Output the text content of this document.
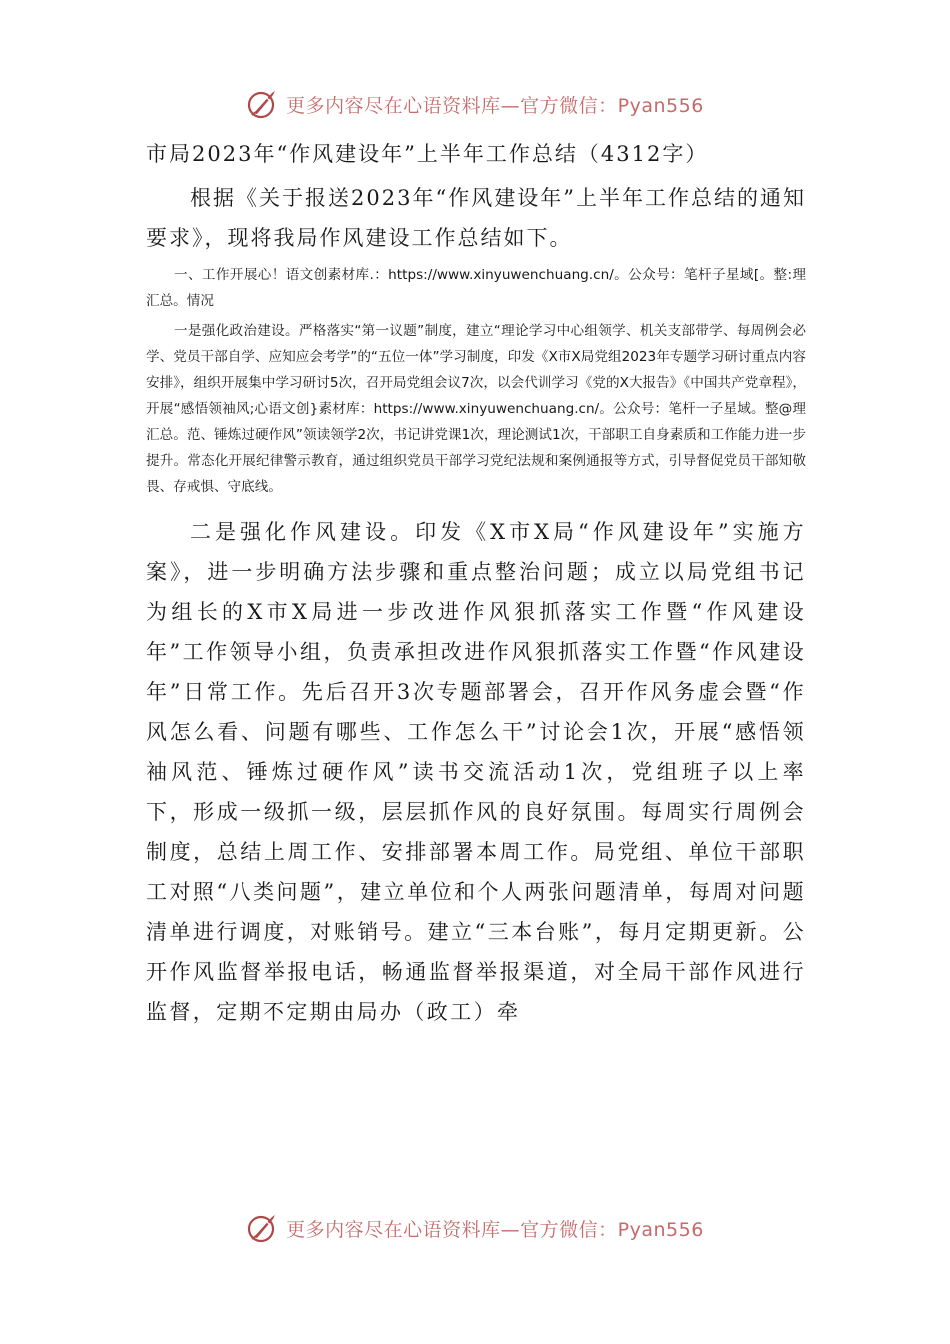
更多内容尽在心语资料库—官方微信：Pyan556
市局2023年“作风建设年”上半年工作总结（4312字）

根据《关于报送2023年“作风建设年”上半年工作总结的通知要求》，现将我局作风建设工作总结如下。

一、工作开展心！语文创素材库.：https://www.xinyuwenchuang.cn/。公众号：笔杆子星域[。整:理汇总。情况

一是强化政治建设。严格落实“第一议题”制度，建立“理论学习中心组领学、机关支部带学、每周例会必学、党员干部自学、应知应会考学”的“五位一体”学习制度，印发《X市X局党组2023年专题学习研讨重点内容安排》，组织开展集中学习研讨5次，召开局党组会议7次，以会代训学习《党的X大报告》《中国共产党章程》，开展“感悟领袖风;心语文创}素材库：https://www.xinyuwenchuang.cn/。公众号：笔杆一子星域。整@理汇总。范、锤炼过硬作风”领读领学2次，书记讲党课1次，理论测试1次，干部职工自身素质和工作能力进一步提升。常态化开展纪律警示教育，通过组织党员干部学习党纪法规和案例通报等方式，引导督促党员干部知敬畏、存戒惧、守底线。

二是强化作风建设。印发《X市X局“作风建设年”实施方案》，进一步明确方法步骤和重点整治问题；成立以局党组书记为组长的X市X局进一步改进作风狠抓落实工作暨“作风建设年”工作领导小组，负责承担改进作风狠抓落实工作暨“作风建设年”日常工作。先后召开3次专题部署会，召开作风务虚会暨“作风怎么看、问题有哪些、工作怎么干”讨论会1次，开展“感悟领袖风范、锤炼过硬作风”读书交流活动1次，党组班子以上率下，形成一级抓一级，层层抓作风的良好氛围。每周实行周例会制度，总结上周工作、安排部署本周工作。局党组、单位干部职工对照“八类问题”，建立单位和个人两张问题清单，每周对问题清单进行调度，对账销号。建立“三本台账”，每月定期更新。公开作风监督举报电话，畅通监督举报渠道，对全局干部作风进行监督，定期不定期由局办（政工）牵

更多内容尽在心语资料库—官方微信：Pyan556
